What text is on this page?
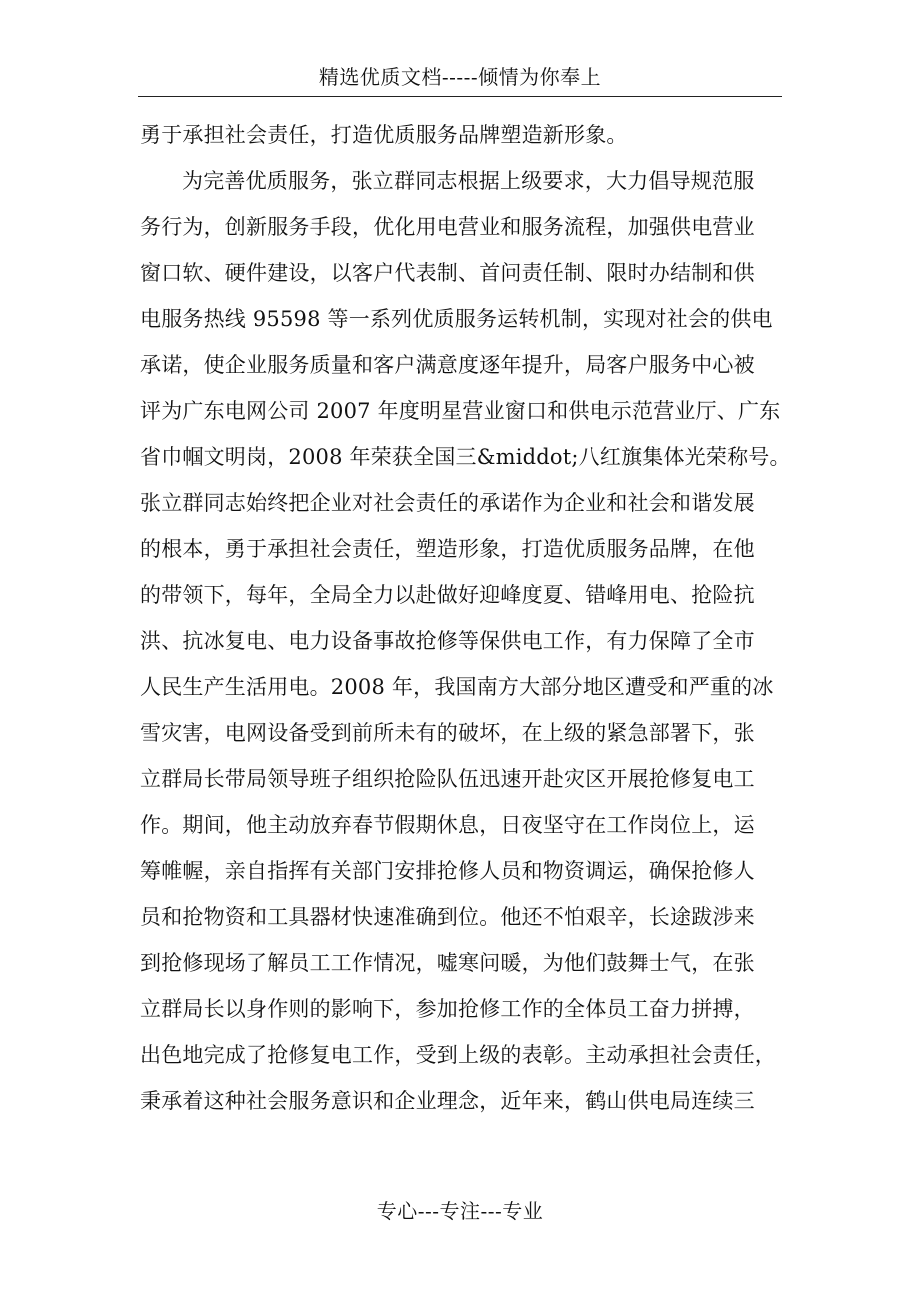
精选优质文档-----倾情为你奉上
勇于承担社会责任，打造优质服务品牌塑造新形象。
为完善优质服务，张立群同志根据上级要求，大力倡导规范服
务行为，创新服务手段，优化用电营业和服务流程，加强供电营业
窗口软、硬件建设，以客户代表制、首问责任制、限时办结制和供
电服务热线 95598 等一系列优质服务运转机制，实现对社会的供电
承诺，使企业服务质量和客户满意度逐年提升，局客户服务中心被
评为广东电网公司 2007 年度明星营业窗口和供电示范营业厅、广东
省巾帼文明岗，2008 年荣获全国三&middot;八红旗集体光荣称号。
张立群同志始终把企业对社会责任的承诺作为企业和社会和谐发展
的根本，勇于承担社会责任，塑造形象，打造优质服务品牌，在他
的带领下，每年，全局全力以赴做好迎峰度夏、错峰用电、抢险抗
洪、抗冰复电、电力设备事故抢修等保供电工作，有力保障了全市
人民生产生活用电。2008 年，我国南方大部分地区遭受和严重的冰
雪灾害，电网设备受到前所未有的破坏，在上级的紧急部署下，张
立群局长带局领导班子组织抢险队伍迅速开赴灾区开展抢修复电工
作。期间，他主动放弃春节假期休息，日夜坚守在工作岗位上，运
筹帷幄，亲自指挥有关部门安排抢修人员和物资调运，确保抢修人
员和抢物资和工具器材快速准确到位。他还不怕艰辛，长途跋涉来
到抢修现场了解员工工作情况，嘘寒问暖，为他们鼓舞士气，在张
立群局长以身作则的影响下，参加抢修工作的全体员工奋力拼搏，
出色地完成了抢修复电工作，受到上级的表彰。主动承担社会责任，
秉承着这种社会服务意识和企业理念，近年来，鹤山供电局连续三
专心---专注---专业
